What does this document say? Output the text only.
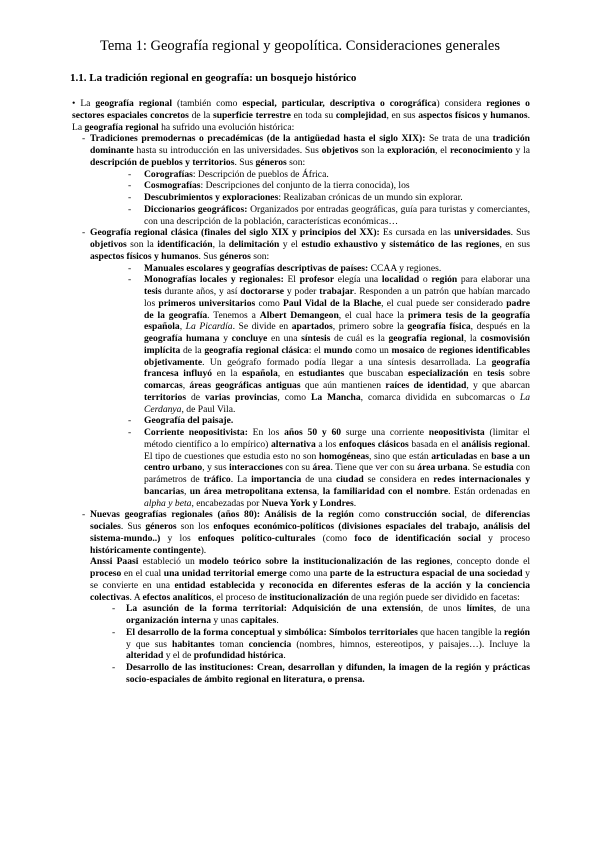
Tema 1: Geografía regional y geopolítica. Consideraciones generales
1.1. La tradición regional en geografía: un bosquejo histórico

• La geografía regional (también como especial, particular, descriptiva o corográfica) considera regiones o sectores espaciales concretos de la superficie terrestre en toda su complejidad, en sus aspectos físicos y humanos. La geografía regional ha sufrido una evolución histórica:

- Tradiciones premodernas o precadémicas (de la antigüedad hasta el siglo XIX): Se trata de una tradición dominante hasta su introducción en las universidades. Sus objetivos son la exploración, el reconocimiento y la descripción de pueblos y territorios. Sus géneros son:
- Corografías: Descripción de pueblos de África.
- Cosmografías: Descripciones del conjunto de la tierra conocida), los
- Descubrimientos y exploraciones: Realizaban crónicas de un mundo sin explorar.
- Diccionarios geográficos: Organizados por entradas geográficas, guía para turistas y comerciantes, con una descripción de la población, características económicas…
- Geografía regional clásica (finales del siglo XIX y principios del XX): Es cursada en las universidades. Sus objetivos son la identificación, la delimitación y el estudio exhaustivo y sistemático de las regiones, en sus aspectos físicos y humanos. Sus géneros son:
- Manuales escolares y geografías descriptivas de países: CCAA y regiones.
- Monografías locales y regionales: El profesor elegía una localidad o región para elaborar una tesis durante años, y así doctorarse y poder trabajar. Responden a un patrón que habían marcado los primeros universitarios como Paul Vidal de la Blache, el cual puede ser considerado padre de la geografía. Tenemos a Albert Demangeon, el cual hace la primera tesis de la geografía española, La Picardía. Se divide en apartados, primero sobre la geografía física, después en la geografía humana y concluye en una síntesis de cuál es la geografía regional, la cosmovisión implícita de la geografía regional clásica: el mundo como un mosaico de regiones identificables objetivamente. Un geógrafo formado podía llegar a una síntesis desarrollada. La geografía francesa influyó en la española, en estudiantes que buscaban especialización en tesis sobre comarcas, áreas geográficas antiguas que aún mantienen raíces de identidad, y que abarcan territorios de varias provincias, como La Mancha, comarca dividida en subcomarcas o La Cerdanya, de Paul Vila.
- Geografía del paisaje.
- Corriente neopositivista: En los años 50 y 60 surge una corriente neopositivista (limitar el método científico a lo empírico) alternativa a los enfoques clásicos basada en el análisis regional. El tipo de cuestiones que estudia esto no son homogéneas, sino que están articuladas en base a un centro urbano, y sus interacciones con su área. Tiene que ver con su área urbana. Se estudia con parámetros de tráfico. La importancia de una ciudad se considera en redes internacionales y bancarias, un área metropolitana extensa, la familiaridad con el nombre. Están ordenadas en alpha y beta, encabezadas por Nueva York y Londres.
- Nuevas geografías regionales (años 80): Análisis de la región como construcción social, de diferencias sociales. Sus géneros son los enfoques económico-políticos (divisiones espaciales del trabajo, análisis del sistema-mundo..) y los enfoques político-culturales (como foco de identificación social y proceso históricamente contingente).
Anssi Paasi estableció un modelo teórico sobre la institucionalización de las regiones, concepto donde el proceso en el cual una unidad territorial emerge como una parte de la estructura espacial de una sociedad y se convierte en una entidad establecida y reconocida en diferentes esferas de la acción y la conciencia colectivas. A efectos analíticos, el proceso de institucionalización de una región puede ser dividido en facetas:
- La asunción de la forma territorial: Adquisición de una extensión, de unos límites, de una organización interna y unas capitales.
- El desarrollo de la forma conceptual y simbólica: Símbolos territoriales que hacen tangible la región y que sus habitantes toman conciencia (nombres, himnos, estereotipos, y paisajes…). Incluye la alteridad y el de profundidad histórica.
- Desarrollo de las instituciones: Crean, desarrollan y difunden, la imagen de la región y prácticas socio-espaciales de ámbito regional en literatura, o prensa.
